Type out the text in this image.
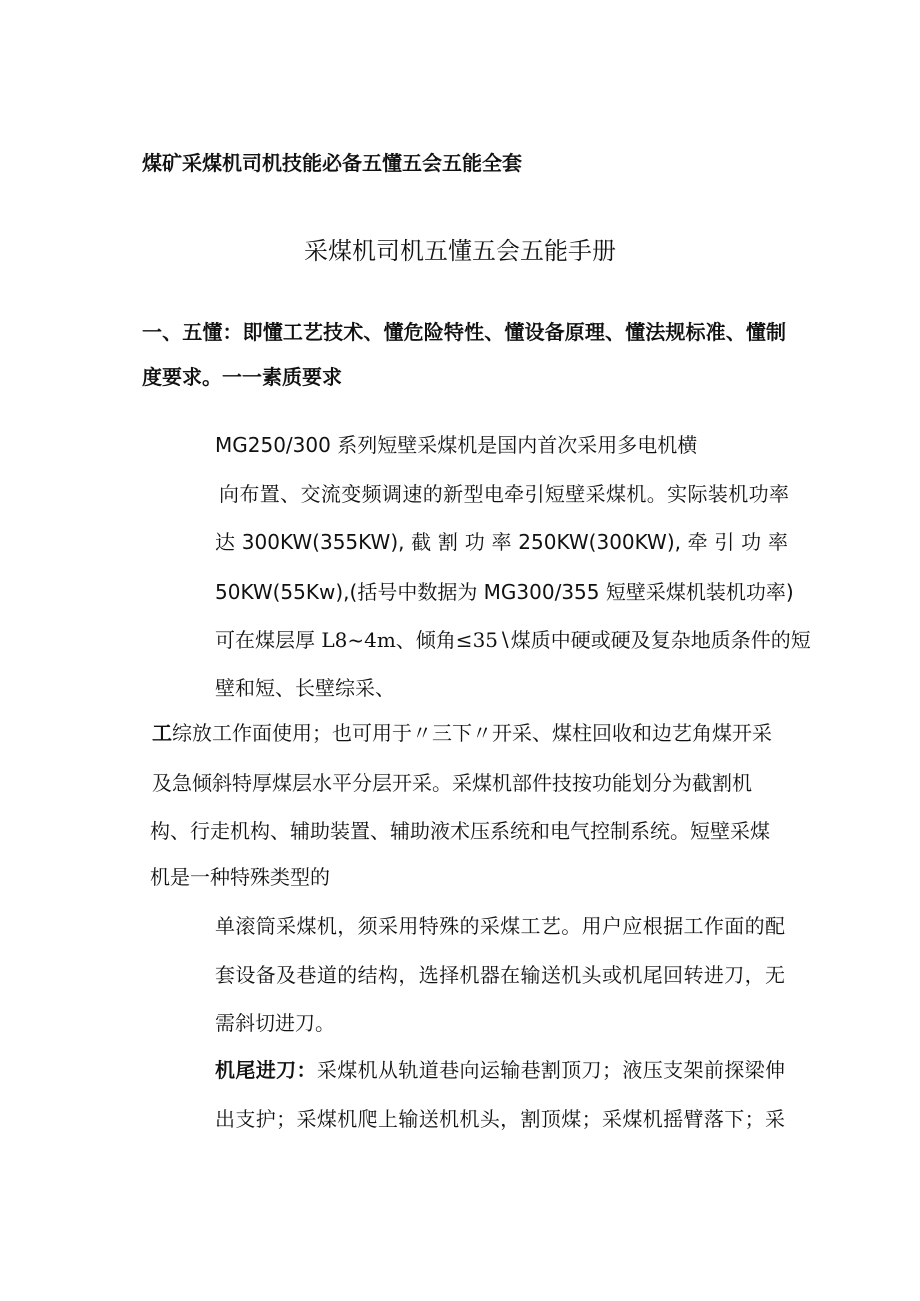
煤矿采煤机司机技能必备五懂五会五能全套

采煤机司机五懂五会五能手册

一、五懂：即懂工艺技术、懂危险特性、懂设备原理、懂法规标准、懂制

度要求。一一素质要求

MG250/300 系列短壁采煤机是国内首次采用多电机横

向布置、交流变频调速的新型电牵引短壁采煤机。实际装机功率

达 300KW(355KW), 截 割 功 率 250KW(300KW), 牵 引 功 率

50KW(55Kw),(括号中数据为 MG300/355 短壁采煤机装机功率)

可在煤层厚 L8~4m、倾角≤35∖煤质中硬或硬及复杂地质条件的短

壁和短、长壁综采、

工综放工作面使用；也可用于〃三下〃开采、煤柱回收和边艺角煤开采

及急倾斜特厚煤层水平分层开采。采煤机部件技按功能划分为截割机

构、行走机构、辅助装置、辅助液术压系统和电气控制系统。短壁采煤

机是一种特殊类型的

单滚筒采煤机，须采用特殊的采煤工艺。用户应根据工作面的配

套设备及巷道的结构，选择机器在输送机头或机尾回转进刀，无

需斜切进刀。

机尾进刀：采煤机从轨道巷向运输巷割顶刀；液压支架前探梁伸

出支护；采煤机爬上输送机机头，割顶煤；采煤机摇臂落下；采
